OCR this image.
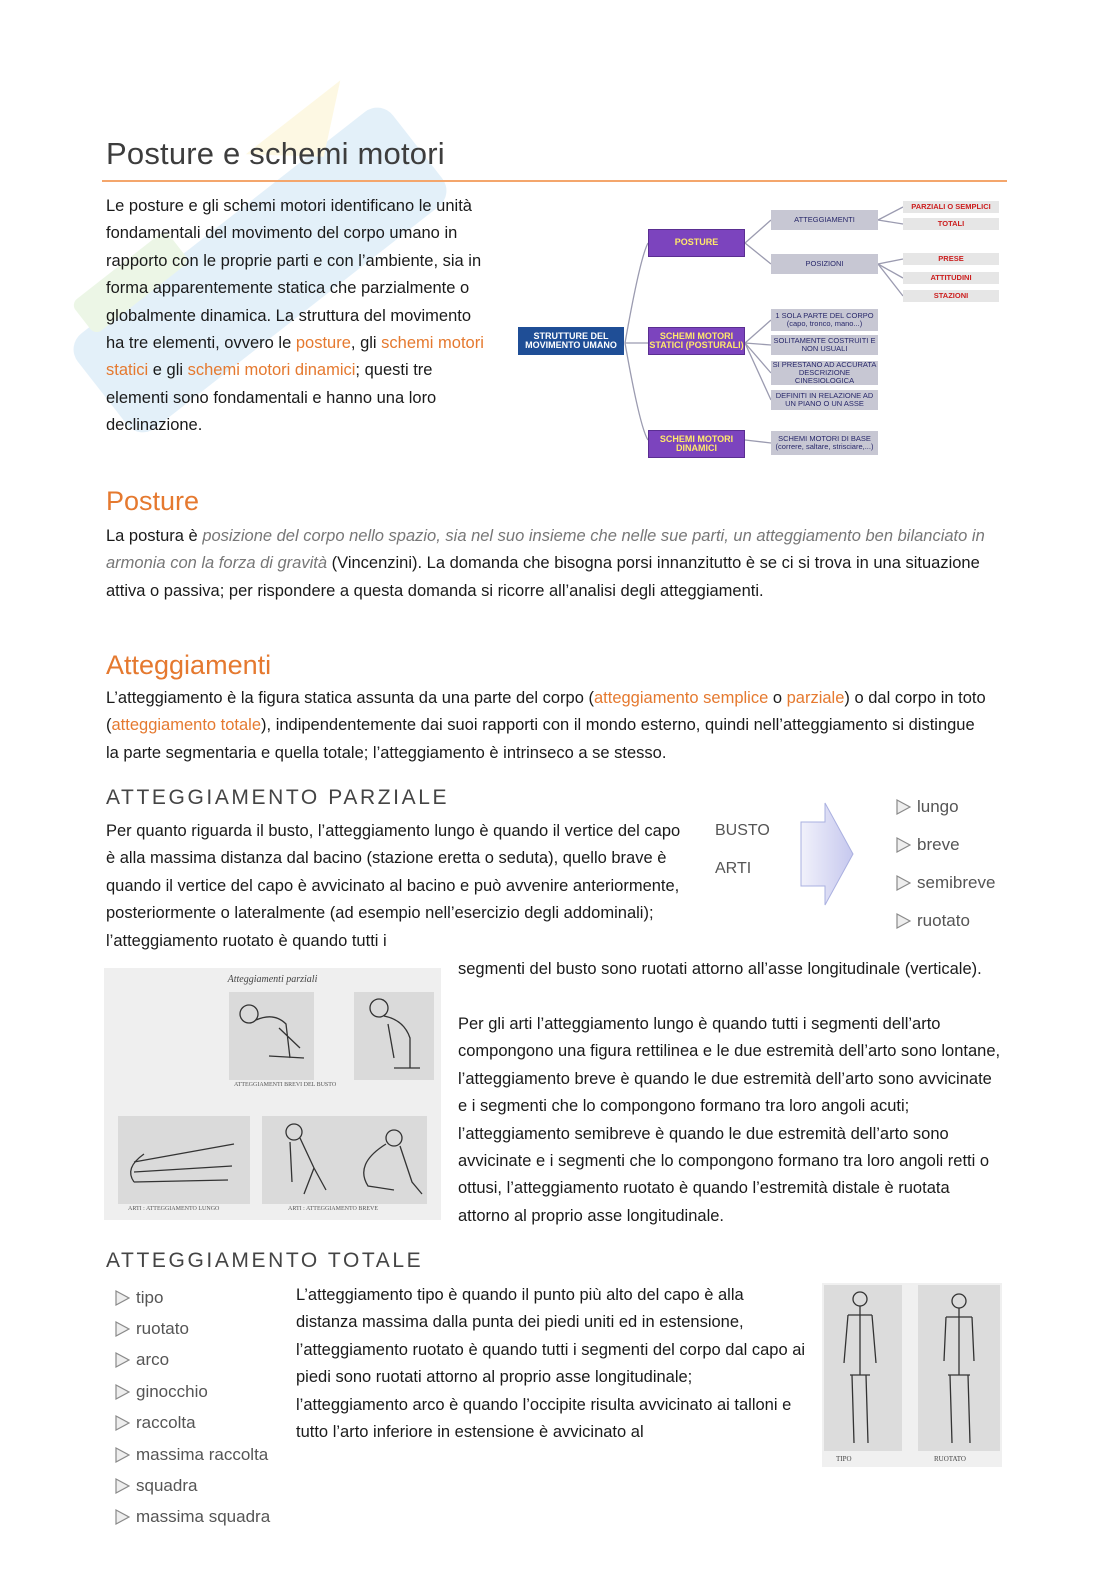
Posture e schemi motori

Le posture e gli schemi motori identificano le unità fondamentali del movimento del corpo umano in rapporto con le proprie parti e con l’ambiente, sia in forma apparentemente statica che parzialmente o globalmente dinamica. La struttura del movimento ha tre elementi, ovvero le posture, gli schemi motori statici e gli schemi motori dinamici; questi tre elementi sono fondamentali e hanno una loro declinazione.

STRUTTURE DEL MOVIMENTO UMANO
POSTURE
SCHEMI MOTORI STATICI (POSTURALI)
SCHEMI MOTORI DINAMICI
ATTEGGIAMENTI
POSIZIONI
PARZIALI O SEMPLICI
TOTALI
PRESE
ATTITUDINI
STAZIONI
1 SOLA PARTE DEL CORPO (capo, tronco, mano...)
SOLITAMENTE COSTRUITI E NON USUALI
SI PRESTANO AD ACCURATA DESCRIZIONE CINESIOLOGICA
DEFINITI IN RELAZIONE AD UN PIANO O UN ASSE
SCHEMI MOTORI DI BASE (correre, saltare, strisciare,...)
Posture

La postura è posizione del corpo nello spazio, sia nel suo insieme che nelle sue parti, un atteggiamento ben bilanciato in armonia con la forza di gravità (Vincenzini). La domanda che bisogna porsi innanzitutto è se ci si trova in una situazione attiva o passiva; per rispondere a questa domanda si ricorre all’analisi degli atteggiamenti.

Atteggiamenti

L’atteggiamento è la figura statica assunta da una parte del corpo (atteggiamento semplice o parziale) o dal corpo in toto (atteggiamento totale), indipendentemente dai suoi rapporti con il mondo esterno, quindi nell’atteggiamento si distingue la parte segmentaria e quella totale; l’atteggiamento è intrinseco a se stesso.

ATTEGGIAMENTO PARZIALE

Per quanto riguarda il busto, l’atteggiamento lungo è quando il vertice del capo è alla massima distanza dal bacino (stazione eretta o seduta), quello brave è quando il vertice del capo è avvicinato al bacino e può avvenire anteriormente, posteriormente o lateralmente (ad esempio nell’esercizio degli addominali); l’atteggiamento ruotato è quando tutti i

BUSTO
ARTI
lungo
breve
semibreve
ruotato
Atteggiamenti parziali
ATTEGGIAMENTI BREVI DEL BUSTO
ARTI : ATTEGGIAMENTO LUNGO	ARTI : ATTEGGIAMENTO BREVE

segmenti del busto sono ruotati attorno all’asse longitudinale (verticale).

Per gli arti l’atteggiamento lungo è quando tutti i segmenti dell’arto compongono una figura rettilinea e le due estremità dell’arto sono lontane, l’atteggiamento breve è quando le due estremità dell’arto sono avvicinate e i segmenti che lo compongono formano tra loro angoli acuti; l’atteggiamento semibreve è quando le due estremità dell’arto sono avvicinate e i segmenti che lo compongono formano tra loro angoli retti o ottusi, l’atteggiamento ruotato è quando l’estremità distale è ruotata attorno al proprio asse longitudinale.

ATTEGGIAMENTO TOTALE
tipo
ruotato
arco
ginocchio
raccolta
massima raccolta
squadra
massima squadra

L’atteggiamento tipo è quando il punto più alto del capo è alla distanza massima dalla punta dei piedi uniti ed in estensione, l’atteggiamento ruotato è quando tutti i segmenti del corpo dal capo ai piedi sono ruotati attorno al proprio asse longitudinale; l’atteggiamento arco è quando l’occipite risulta avvicinato ai talloni e tutto l’arto inferiore in estensione è avvicinato al

TIPO	RUOTATO
